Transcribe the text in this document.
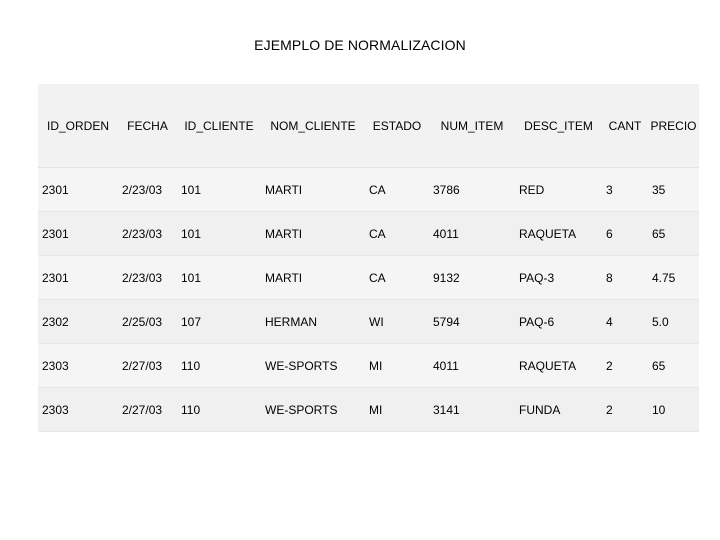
EJEMPLO DE NORMALIZACION
ID_ORDEN	FECHA	ID_CLIENTE	NOM_CLIENTE	ESTADO	NUM_ITEM	DESC_ITEM	CANT	PRECIO
2301	2/23/03	101	MARTI	CA	3786	RED	3	35
2301	2/23/03	101	MARTI	CA	4011	RAQUETA	6	65
2301	2/23/03	101	MARTI	CA	9132	PAQ-3	8	4.75
2302	2/25/03	107	HERMAN	WI	5794	PAQ-6	4	5.0
2303	2/27/03	110	WE-SPORTS	MI	4011	RAQUETA	2	65
2303	2/27/03	110	WE-SPORTS	MI	3141	FUNDA	2	10
